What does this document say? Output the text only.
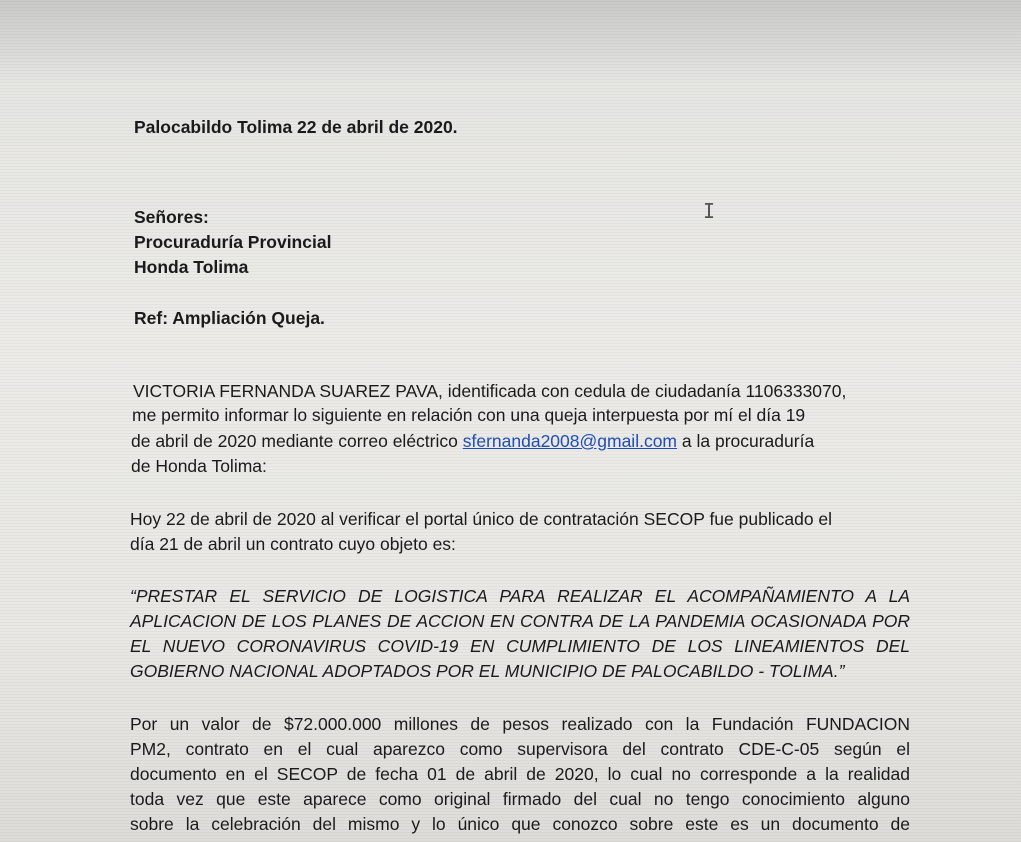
Palocabildo Tolima 22 de abril de 2020.
Señores:
Procuraduría Provincial
Honda Tolima
Ref: Ampliación Queja.
VICTORIA FERNANDA SUAREZ PAVA, identificada con cedula de ciudadanía 1106333070,
me permito informar lo siguiente en relación con una queja interpuesta por mí el día 19
de abril de 2020 mediante correo eléctrico sfernanda2008@gmail.com a la procuraduría
de Honda Tolima:
Hoy 22 de abril de 2020 al verificar el portal único de contratación SECOP fue publicado el
día 21 de abril un contrato cuyo objeto es:
“PRESTAR EL SERVICIO DE LOGISTICA PARA REALIZAR EL ACOMPAÑAMIENTO A LA
APLICACION DE LOS PLANES DE ACCION EN CONTRA DE LA PANDEMIA OCASIONADA POR
EL NUEVO CORONAVIRUS COVID-19 EN CUMPLIMIENTO DE LOS LINEAMIENTOS DEL
GOBIERNO NACIONAL ADOPTADOS POR EL MUNICIPIO DE PALOCABILDO - TOLIMA.”
Por un valor de $72.000.000 millones de pesos realizado con la Fundación FUNDACION
PM2, contrato en el cual aparezco como supervisora del contrato CDE-C-05 según el
documento en el SECOP de fecha 01 de abril de 2020, lo cual no corresponde a la realidad
toda vez que este aparece como original firmado del cual no tengo conocimiento alguno
sobre la celebración del mismo y lo único que conozco sobre este es un documento de
I
